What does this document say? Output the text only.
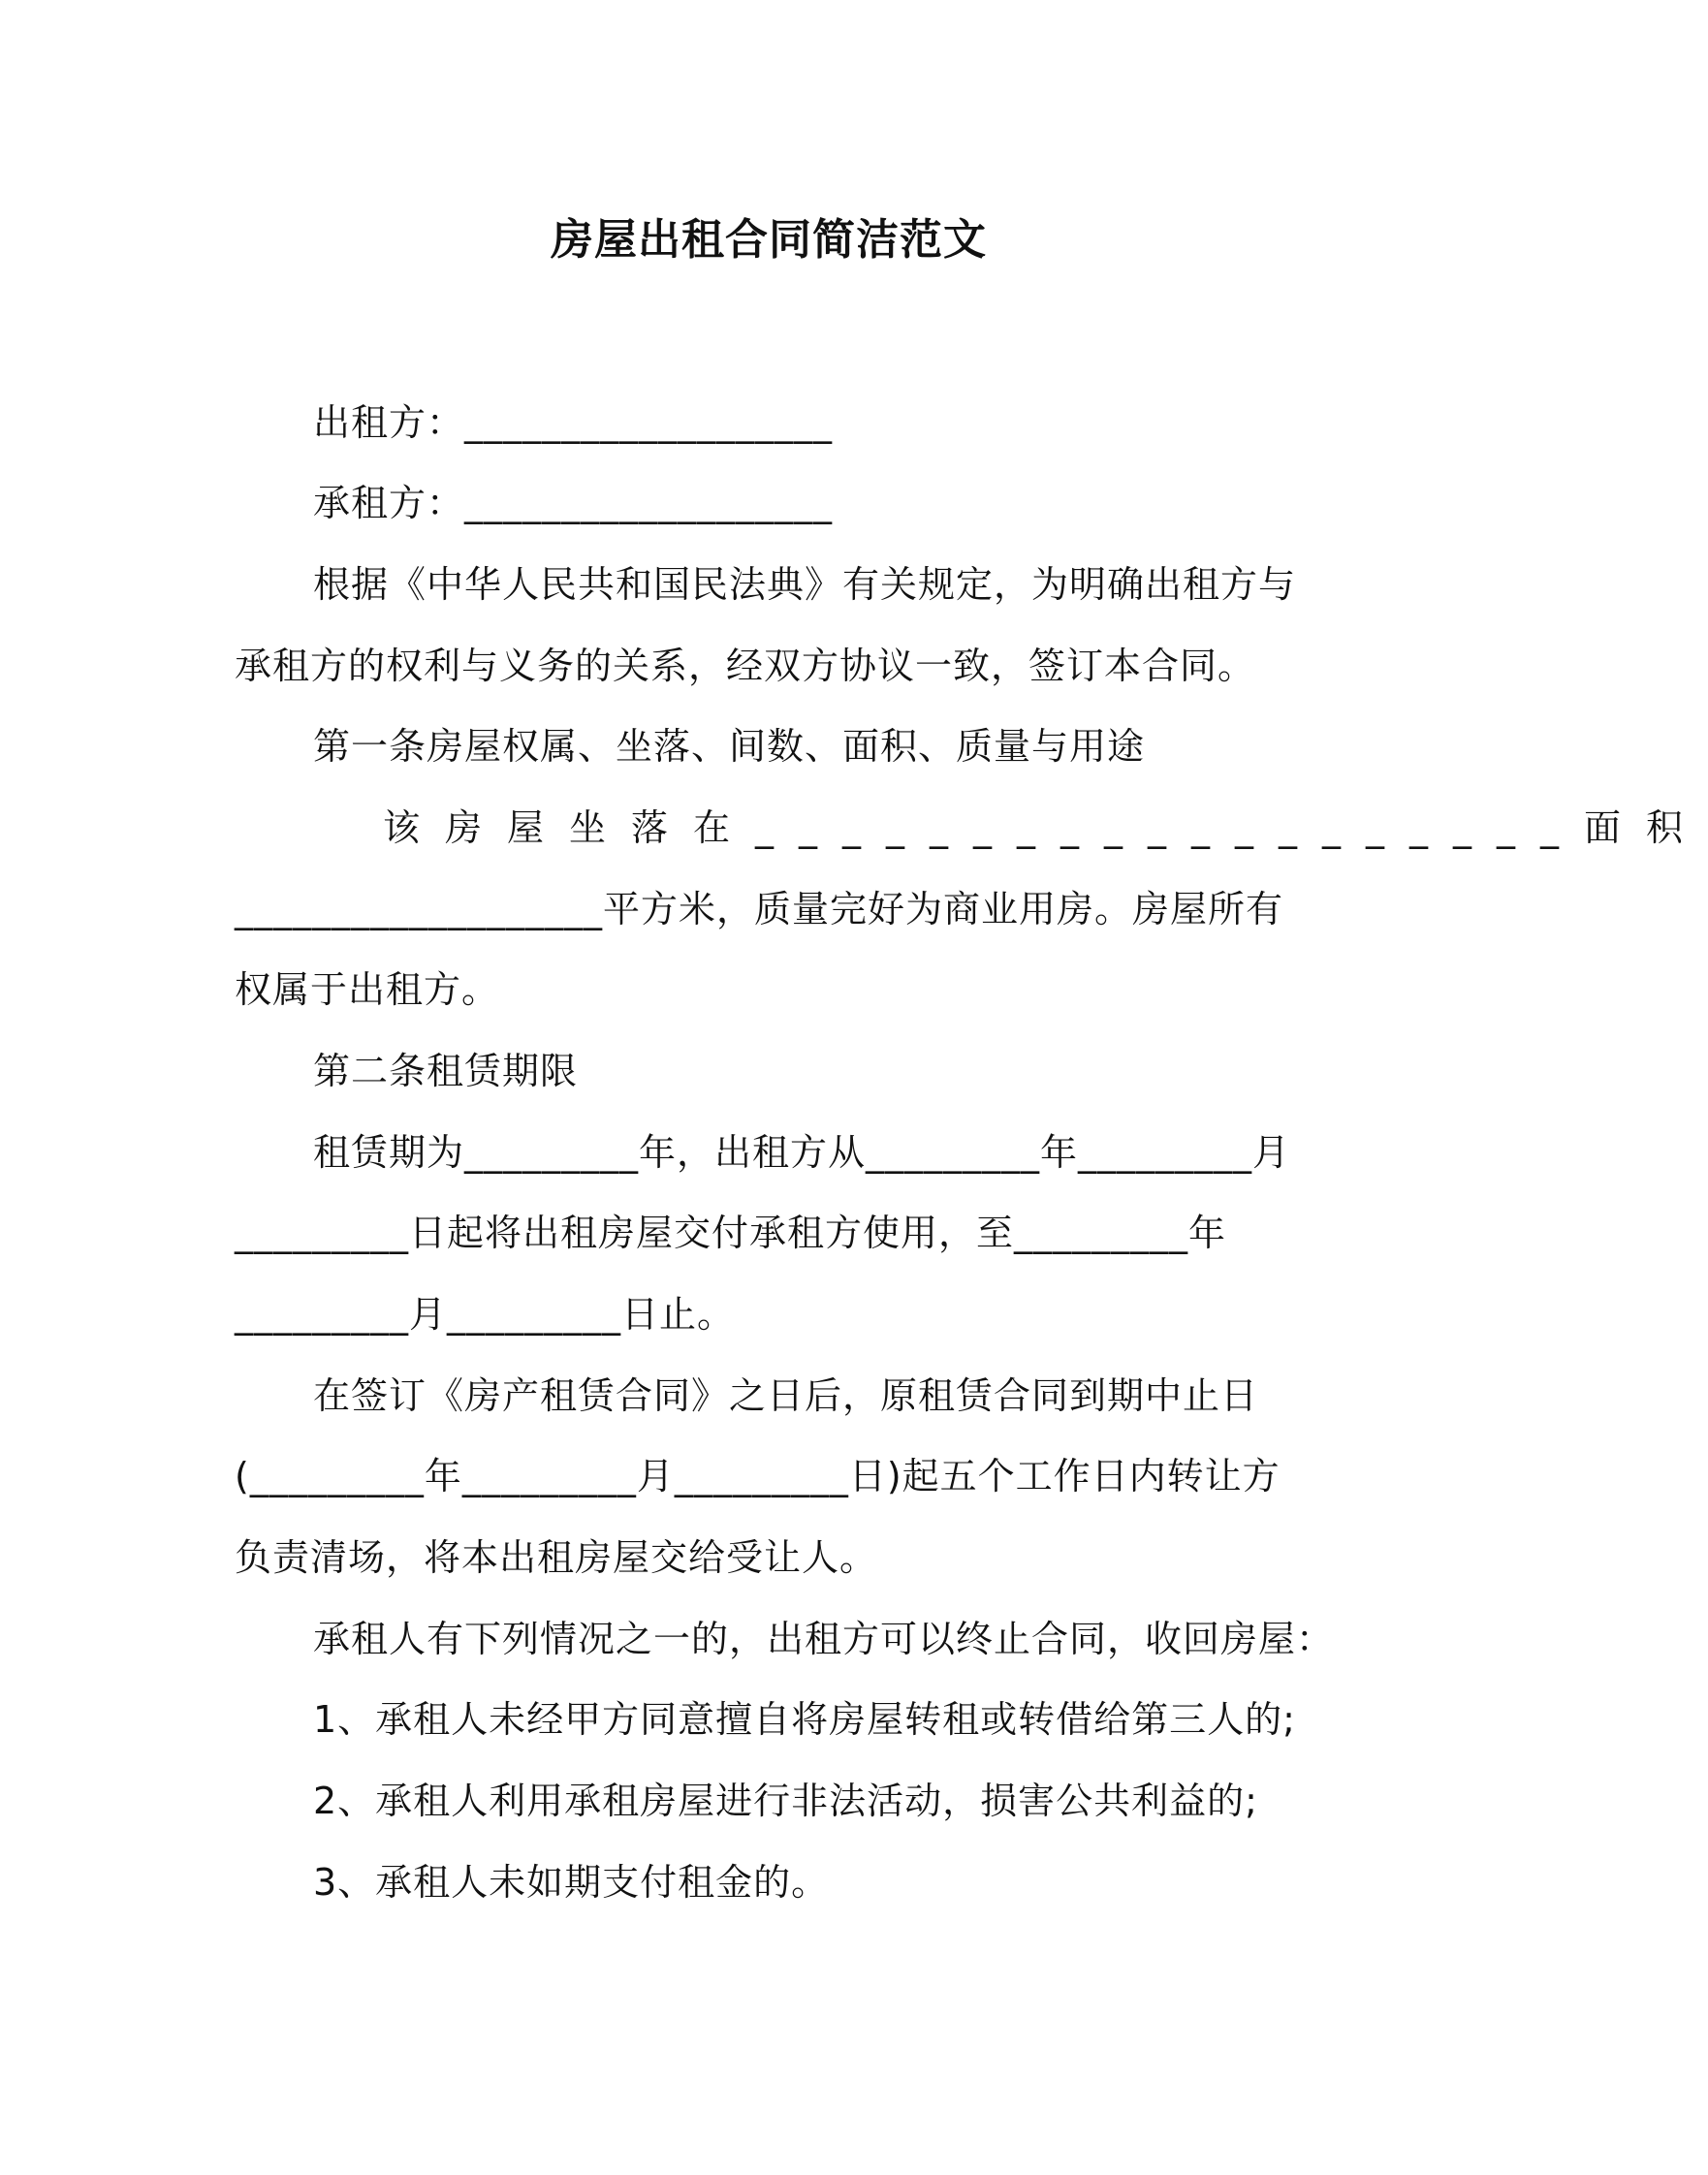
房屋出租合同简洁范文
出租方：___________________
承租方：___________________
根据《中华人民共和国民法典》有关规定，为明确出租方与
承租方的权利与义务的关系，经双方协议一致，签订本合同。
第一条房屋权属、坐落、间数、面积、质量与用途
该房屋坐落在___________________面积
___________________平方米，质量完好为商业用房。房屋所有
权属于出租方。
第二条租赁期限
租赁期为_________年，出租方从_________年_________月
_________日起将出租房屋交付承租方使用，至_________年
_________月_________日止。
在签订《房产租赁合同》之日后，原租赁合同到期中止日
(_________年_________月_________日)起五个工作日内转让方
负责清场，将本出租房屋交给受让人。
承租人有下列情况之一的，出租方可以终止合同，收回房屋：
1、承租人未经甲方同意擅自将房屋转租或转借给第三人的;
2、承租人利用承租房屋进行非法活动，损害公共利益的;
3、承租人未如期支付租金的。
